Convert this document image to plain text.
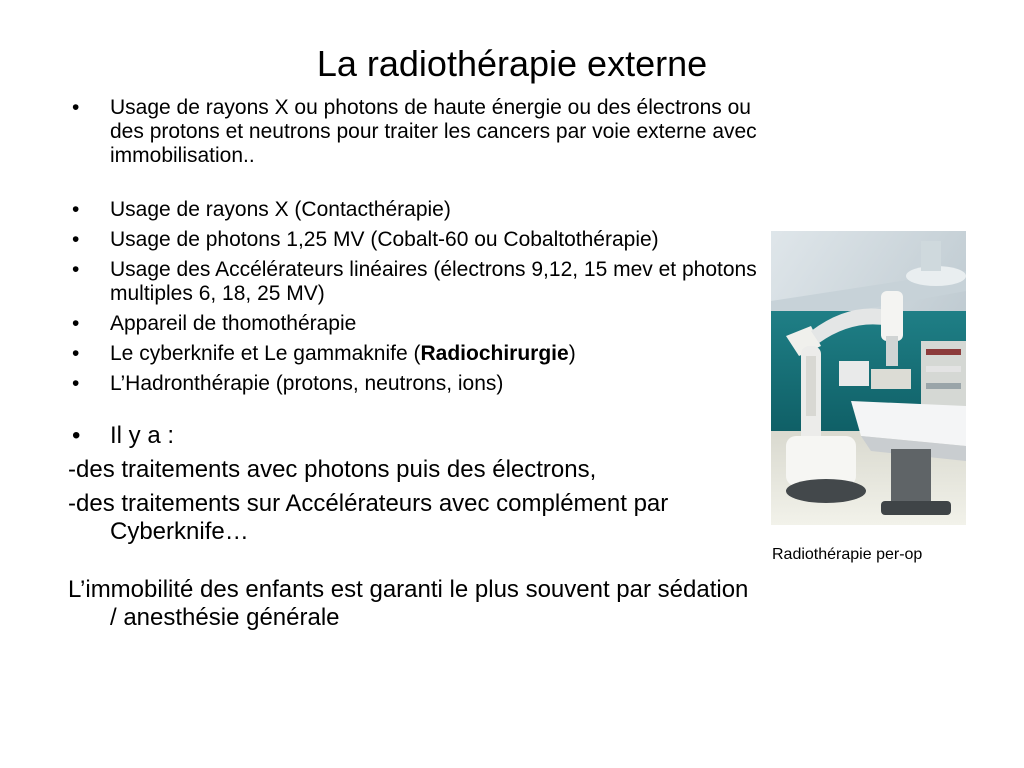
La radiothérapie externe
• Usage de rayons X ou photons de haute énergie ou des électrons ou des protons et neutrons pour traiter les cancers par voie externe avec immobilisation..
• Usage de rayons X (Contacthérapie)
• Usage de photons 1,25 MV (Cobalt-60 ou Cobaltothérapie)
• Usage des Accélérateurs linéaires (électrons 9,12, 15 mev et photons multiples 6, 18, 25 MV)
• Appareil de thomothérapie
• Le cyberknife et Le gammaknife (Radiochirurgie)
• L’Hadronthérapie (protons, neutrons, ions)
• Il y a :
-des traitements avec photons puis des électrons,
-des traitements sur Accélérateurs avec complément par Cyberknife…
L’immobilité des enfants est garanti le plus souvent par sédation / anesthésie générale
Radiothérapie per-op
